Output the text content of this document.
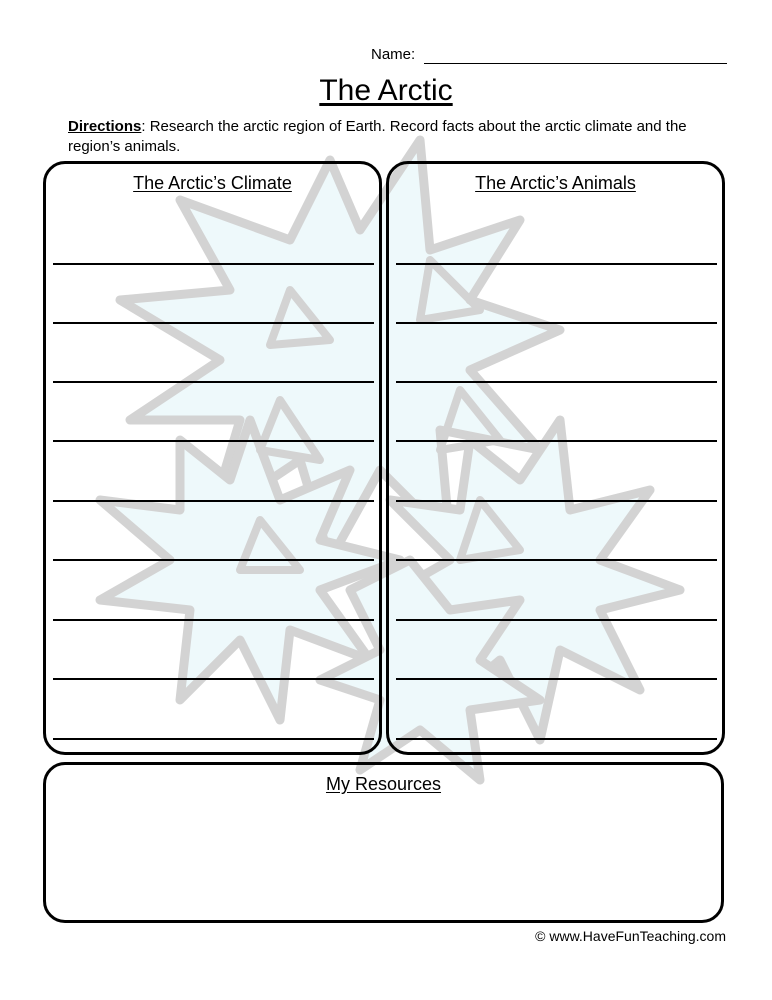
Name:
The Arctic
Directions: Research the arctic region of Earth. Record facts about the arctic climate and the region’s animals.
The Arctic’s Climate	The Arctic’s Animals
My Resources
© www.HaveFunTeaching.com
